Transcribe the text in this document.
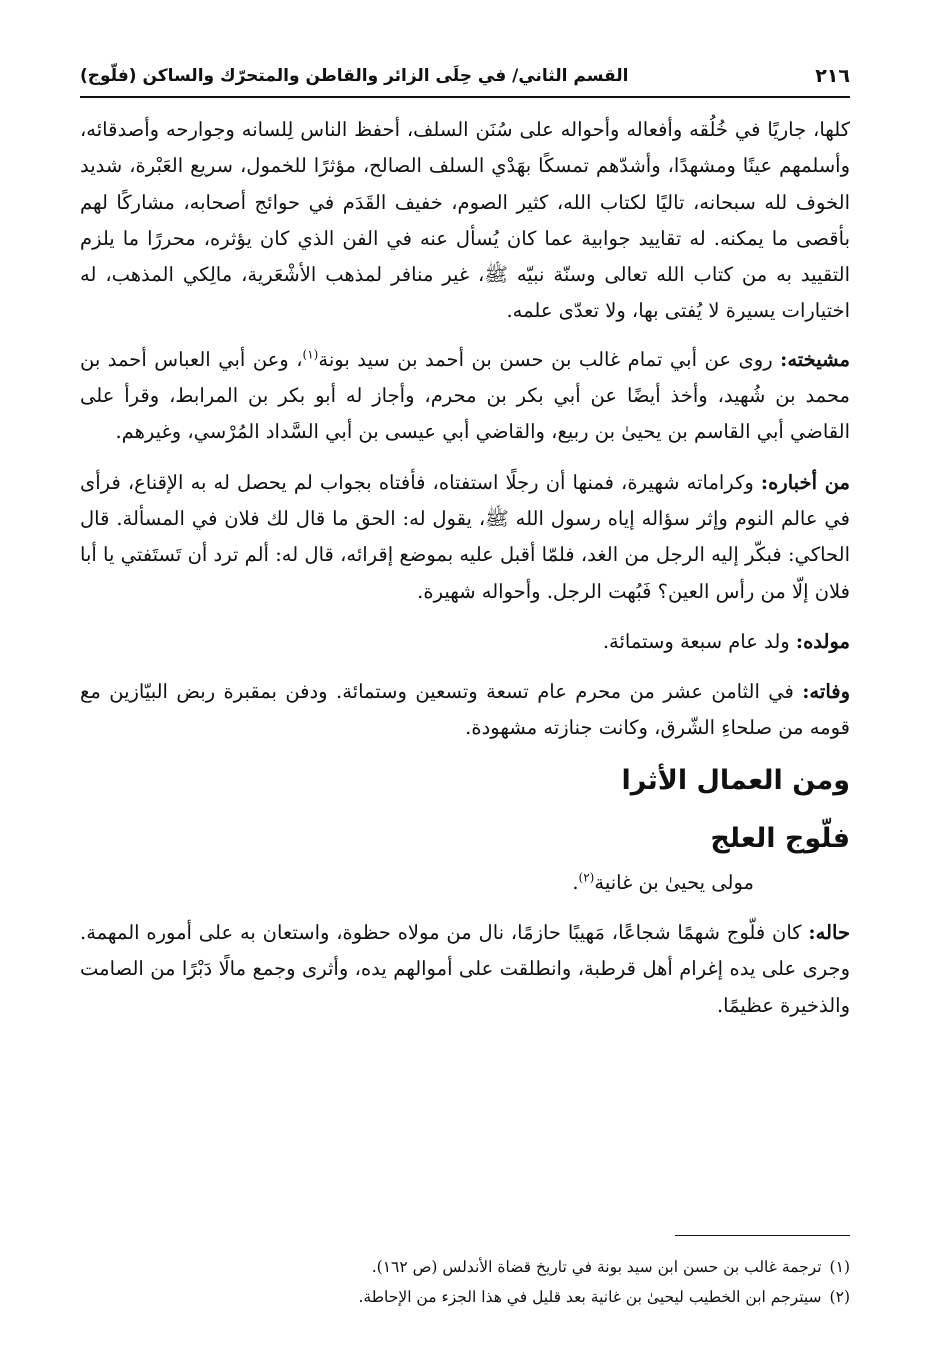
٢١٦
القسم الثاني/ في حِلَى الزائر والقاطن والمتحرّك والساكن (فلّوج)

كلها، جاريًا في خُلُقه وأفعاله وأحواله على سُنَن السلف، أحفظ الناس لِلسانه وجوارحه وأصدقائه، وأسلمهم عينًا ومشهدًا، وأشدّهم تمسكًا بهَدْي السلف الصالح، مؤثرًا للخمول، سريع العَبْرة، شديد الخوف لله سبحانه، تاليًا لكتاب الله، كثير الصوم، خفيف القَدَم في حوائج أصحابه، مشاركًا لهم بأقصى ما يمكنه. له تقاييد جوابية عما كان يُسأل عنه في الفن الذي كان يؤثره، محررًا ما يلزم التقييد به من كتاب الله تعالى وسنّة نبيّه ﷺ، غير منافر لمذهب الأشْعَرية، مالِكي المذهب، له اختيارات يسيرة لا يُفتى بها، ولا تعدّى علمه.

مشيخته: روى عن أبي تمام غالب بن حسن بن أحمد بن سيد بونة$^{(١)}$، وعن أبي العباس أحمد بن محمد بن شُهيد، وأخذ أيضًا عن أبي بكر بن محرم، وأجاز له أبو بكر بن المرابط، وقرأ على القاضي أبي القاسم بن يحيىٰ بن ربيع، والقاضي أبي عيسى بن أبي السَّداد المُرْسي، وغيرهم.

من أخباره: وكراماته شهيرة، فمنها أن رجلًا استفتاه، فأفتاه بجواب لم يحصل له به الإقناع، فرأى في عالم النوم وإثر سؤاله إياه رسول الله ﷺ، يقول له: الحق ما قال لك فلان في المسألة. قال الحاكي: فبكّر إليه الرجل من الغد، فلمّا أقبل عليه بموضع إقرائه، قال له: ألم ترد أن تَستَفتي يا أبا فلان إلّا من رأس العين؟ فَبُهت الرجل. وأحواله شهيرة.

مولده: ولد عام سبعة وستمائة.

وفاته: في الثامن عشر من محرم عام تسعة وتسعين وستمائة. ودفن بمقبرة ربض البيّازين مع قومه من صلحاءِ الشّرق، وكانت جنازته مشهودة.

ومن العمال الأثرا
فلّوج العلج

مولى يحيىٰ بن غانية$^{(٢)}$.

حاله: كان فلّوج شهمًا شجاعًا، مَهيبًا حازمًا، نال من مولاه حظوة، واستعان به على أموره المهمة. وجرى على يده إغرام أهل قرطبة، وانطلقت على أموالهم يده، وأثرى وجمع مالًا دَبْرًا من الصامت والذخيرة عظيمًا.

(١)ترجمة غالب بن حسن ابن سيد بونة في تاريخ قضاة الأندلس (ص ١٦٢).
(٢)سيترجم ابن الخطيب ليحيىٰ بن غانية بعد قليل في هذا الجزء من الإحاطة.
